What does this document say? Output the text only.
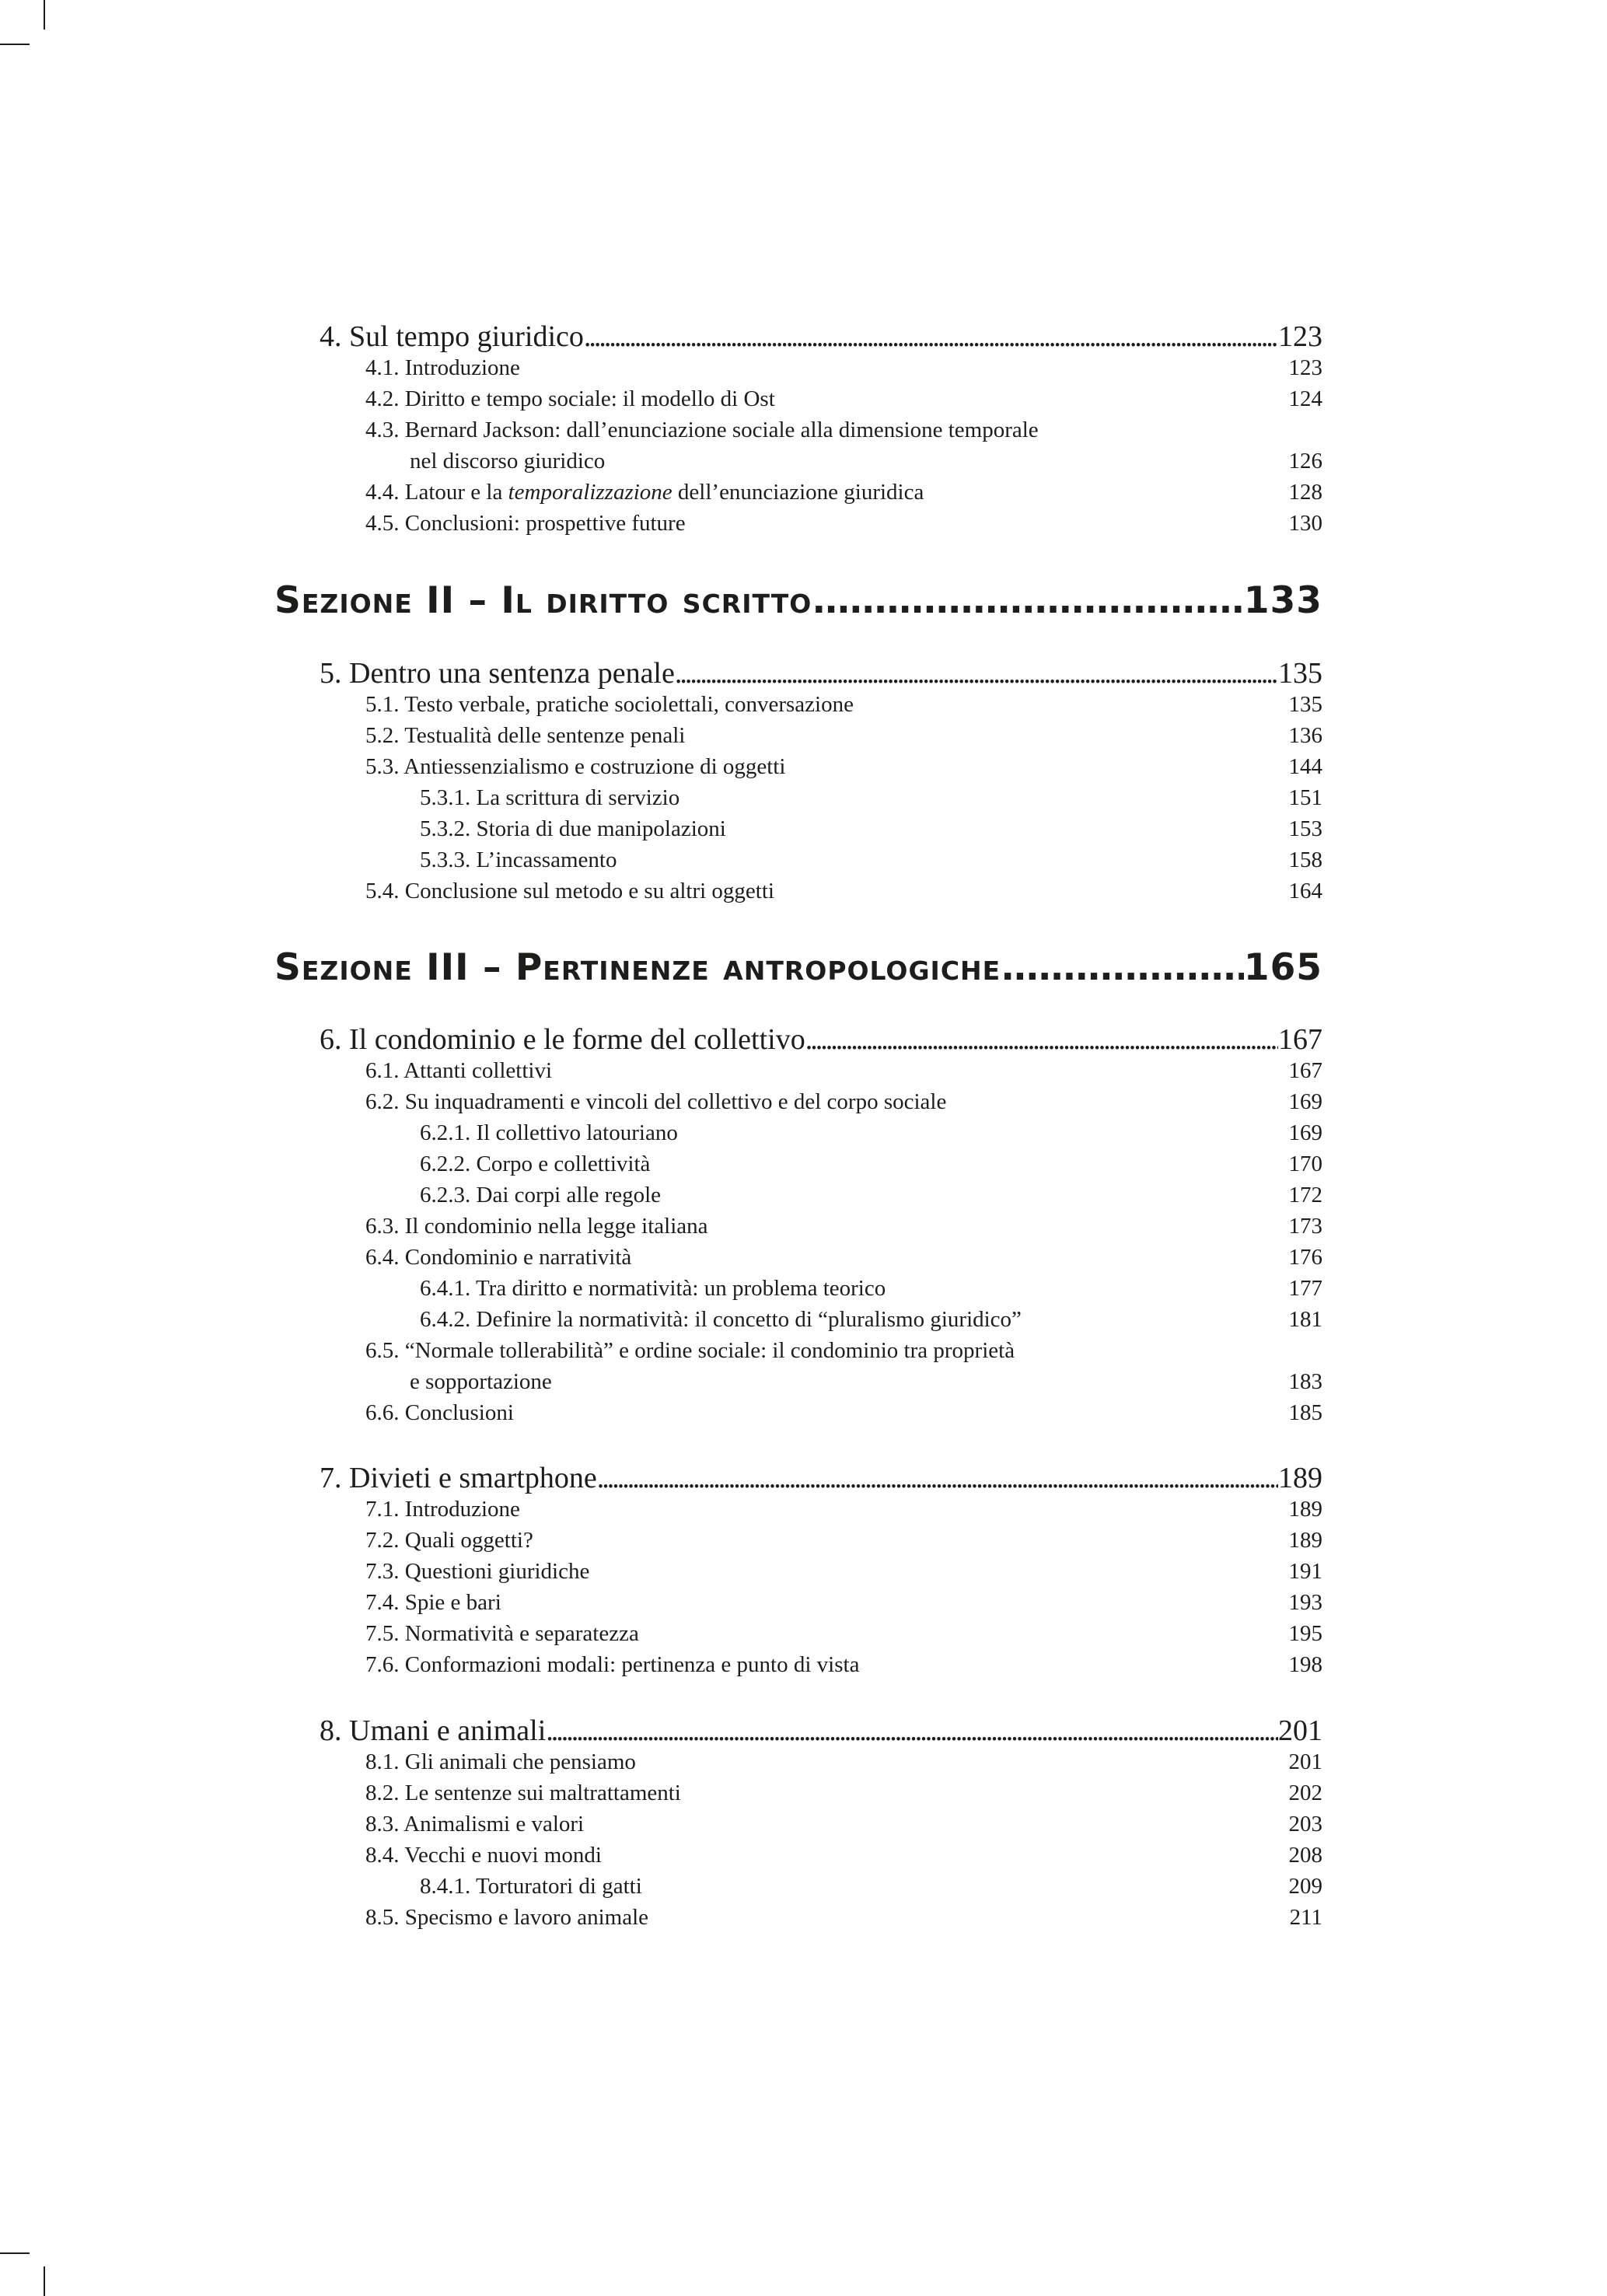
4. Sul tempo giuridico .....	123
4.1. Introduzione	123
4.2. Diritto e tempo sociale: il modello di Ost	124
4.3. Bernard Jackson: dall’enunciazione sociale alla dimensione temporale
nel discorso giuridico	126
4.4. Latour e la temporalizzazione dell’enunciazione giuridica	128
4.5. Conclusioni: prospettive future	130
Sezione II – Il diritto scritto .....	133
5. Dentro una sentenza penale .....	135
5.1. Testo verbale, pratiche sociolettali, conversazione	135
5.2. Testualità delle sentenze penali	136
5.3. Antiessenzialismo e costruzione di oggetti	144
5.3.1. La scrittura di servizio	151
5.3.2. Storia di due manipolazioni	153
5.3.3. L’incassamento	158
5.4. Conclusione sul metodo e su altri oggetti	164
Sezione III – Pertinenze antropologiche .....	165
6. Il condominio e le forme del collettivo .....	167
6.1. Attanti collettivi	167
6.2. Su inquadramenti e vincoli del collettivo e del corpo sociale	169
6.2.1. Il collettivo latouriano	169
6.2.2. Corpo e collettività	170
6.2.3. Dai corpi alle regole	172
6.3. Il condominio nella legge italiana	173
6.4. Condominio e narratività	176
6.4.1. Tra diritto e normatività: un problema teorico	177
6.4.2. Definire la normatività: il concetto di “pluralismo giuridico”	181
6.5. “Normale tollerabilità” e ordine sociale: il condominio tra proprietà
e sopportazione	183
6.6. Conclusioni	185
7. Divieti e smartphone .....	189
7.1. Introduzione	189
7.2. Quali oggetti?	189
7.3. Questioni giuridiche	191
7.4. Spie e bari	193
7.5. Normatività e separatezza	195
7.6. Conformazioni modali: pertinenza e punto di vista	198
8. Umani e animali .....	201
8.1. Gli animali che pensiamo	201
8.2. Le sentenze sui maltrattamenti	202
8.3. Animalismi e valori	203
8.4. Vecchi e nuovi mondi	208
8.4.1. Torturatori di gatti	209
8.5. Specismo e lavoro animale	211
